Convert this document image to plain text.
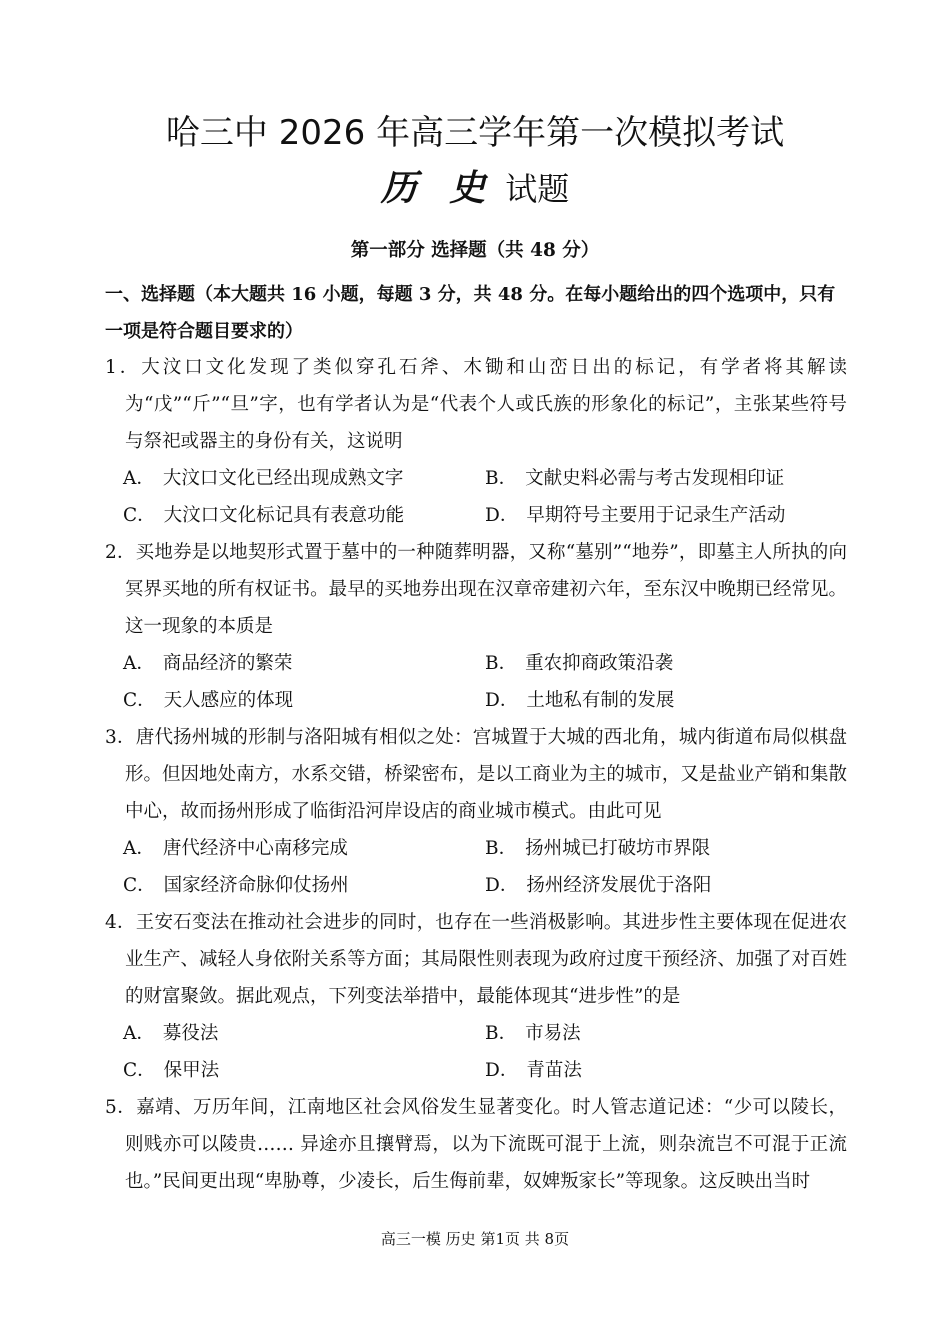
哈三中 2026 年高三学年第一次模拟考试
历 史 试题
第一部分 选择题（共 48 分）
一、选择题（本大题共 16 小题，每题 3 分，共 48 分。在每小题给出的四个选项中，只有一项是符合题目要求的）

1．大汶口文化发现了类似穿孔石斧、木锄和山峦日出的标记，有学者将其解读为“戊”“斤”“旦”字，也有学者认为是“代表个人或氏族的形象化的标记”，主张某些符号与祭祀或器主的身份有关，这说明

A． 大汶口文化已经出现成熟文字	B． 文献史料必需与考古发现相印证
C． 大汶口文化标记具有表意功能	D． 早期符号主要用于记录生产活动

2．买地券是以地契形式置于墓中的一种随葬明器，又称“墓别”“地券”，即墓主人所执的向冥界买地的所有权证书。最早的买地券出现在汉章帝建初六年，至东汉中晚期已经常见。这一现象的本质是

A． 商品经济的繁荣	B． 重农抑商政策沿袭
C． 天人感应的体现	D． 土地私有制的发展

3．唐代扬州城的形制与洛阳城有相似之处：宫城置于大城的西北角，城内街道布局似棋盘形。但因地处南方，水系交错，桥梁密布，是以工商业为主的城市，又是盐业产销和集散中心，故而扬州形成了临街沿河岸设店的商业城市模式。由此可见

A． 唐代经济中心南移完成	B． 扬州城已打破坊市界限
C． 国家经济命脉仰仗扬州	D． 扬州经济发展优于洛阳

4．王安石变法在推动社会进步的同时，也存在一些消极影响。其进步性主要体现在促进农业生产、减轻人身依附关系等方面；其局限性则表现为政府过度干预经济、加强了对百姓的财富聚敛。据此观点，下列变法举措中，最能体现其“进步性”的是

A． 募役法	B． 市易法
C． 保甲法	D． 青苗法

5．嘉靖、万历年间，江南地区社会风俗发生显著变化。时人管志道记述：“少可以陵长，则贱亦可以陵贵…… 异途亦且攘臂焉，以为下流既可混于上流，则杂流岂不可混于正流也。”民间更出现“卑胁尊，少凌长，后生侮前辈，奴婢叛家长”等现象。这反映出当时

高三一模 历史 第1页 共 8页
